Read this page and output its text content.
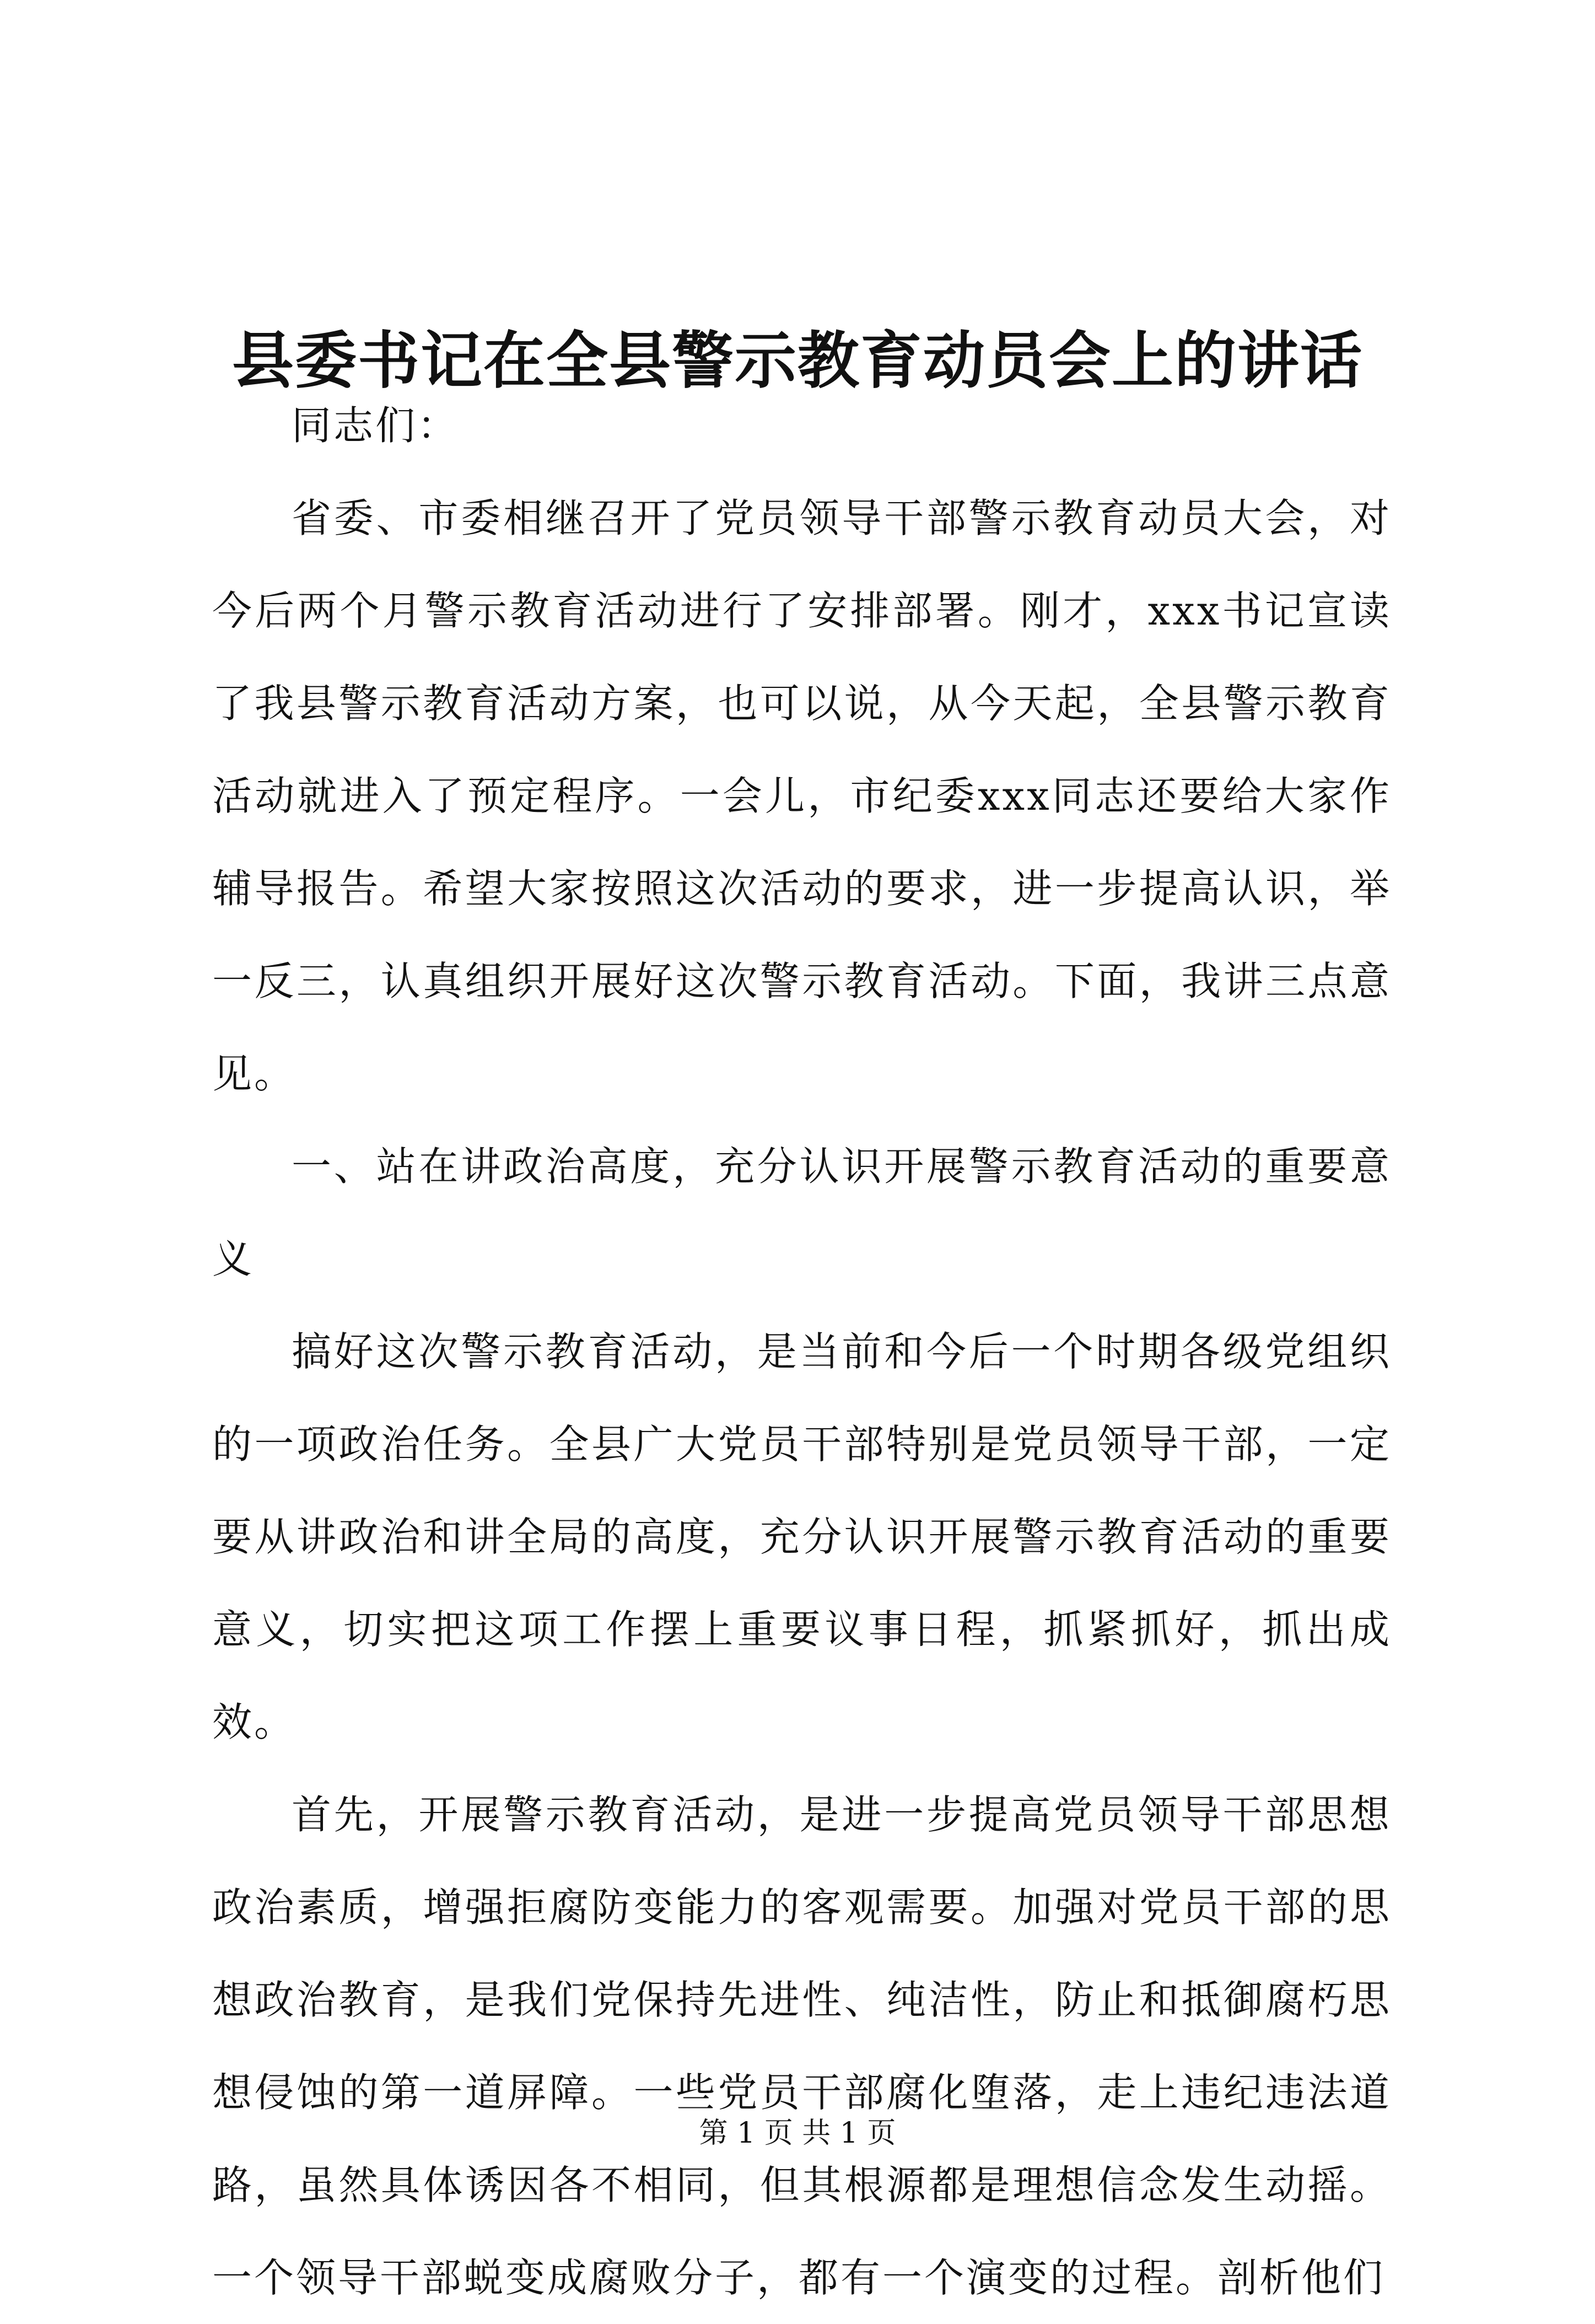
县委书记在全县警示教育动员会上的讲话

同志们：

省委、市委相继召开了党员领导干部警示教育动员大会，对今后两个月警示教育活动进行了安排部署。刚才，xxx书记宣读了我县警示教育活动方案，也可以说，从今天起，全县警示教育活动就进入了预定程序。一会儿，市纪委xxx同志还要给大家作辅导报告。希望大家按照这次活动的要求，进一步提高认识，举一反三，认真组织开展好这次警示教育活动。下面，我讲三点意见。

一、站在讲政治高度，充分认识开展警示教育活动的重要意义

搞好这次警示教育活动，是当前和今后一个时期各级党组织的一项政治任务。全县广大党员干部特别是党员领导干部，一定要从讲政治和讲全局的高度，充分认识开展警示教育活动的重要意义，切实把这项工作摆上重要议事日程，抓紧抓好，抓出成效。

首先，开展警示教育活动，是进一步提高党员领导干部思想政治素质，增强拒腐防变能力的客观需要。加强对党员干部的思想政治教育，是我们党保持先进性、纯洁性，防止和抵御腐朽思想侵蚀的第一道屏障。一些党员干部腐化堕落，走上违纪违法道路，虽然具体诱因各不相同，但其根源都是理想信念发生动摇。一个领导干部蜕变成腐败分子，都有一个演变的过程。剖析他们

第 1 页 共 1 页
